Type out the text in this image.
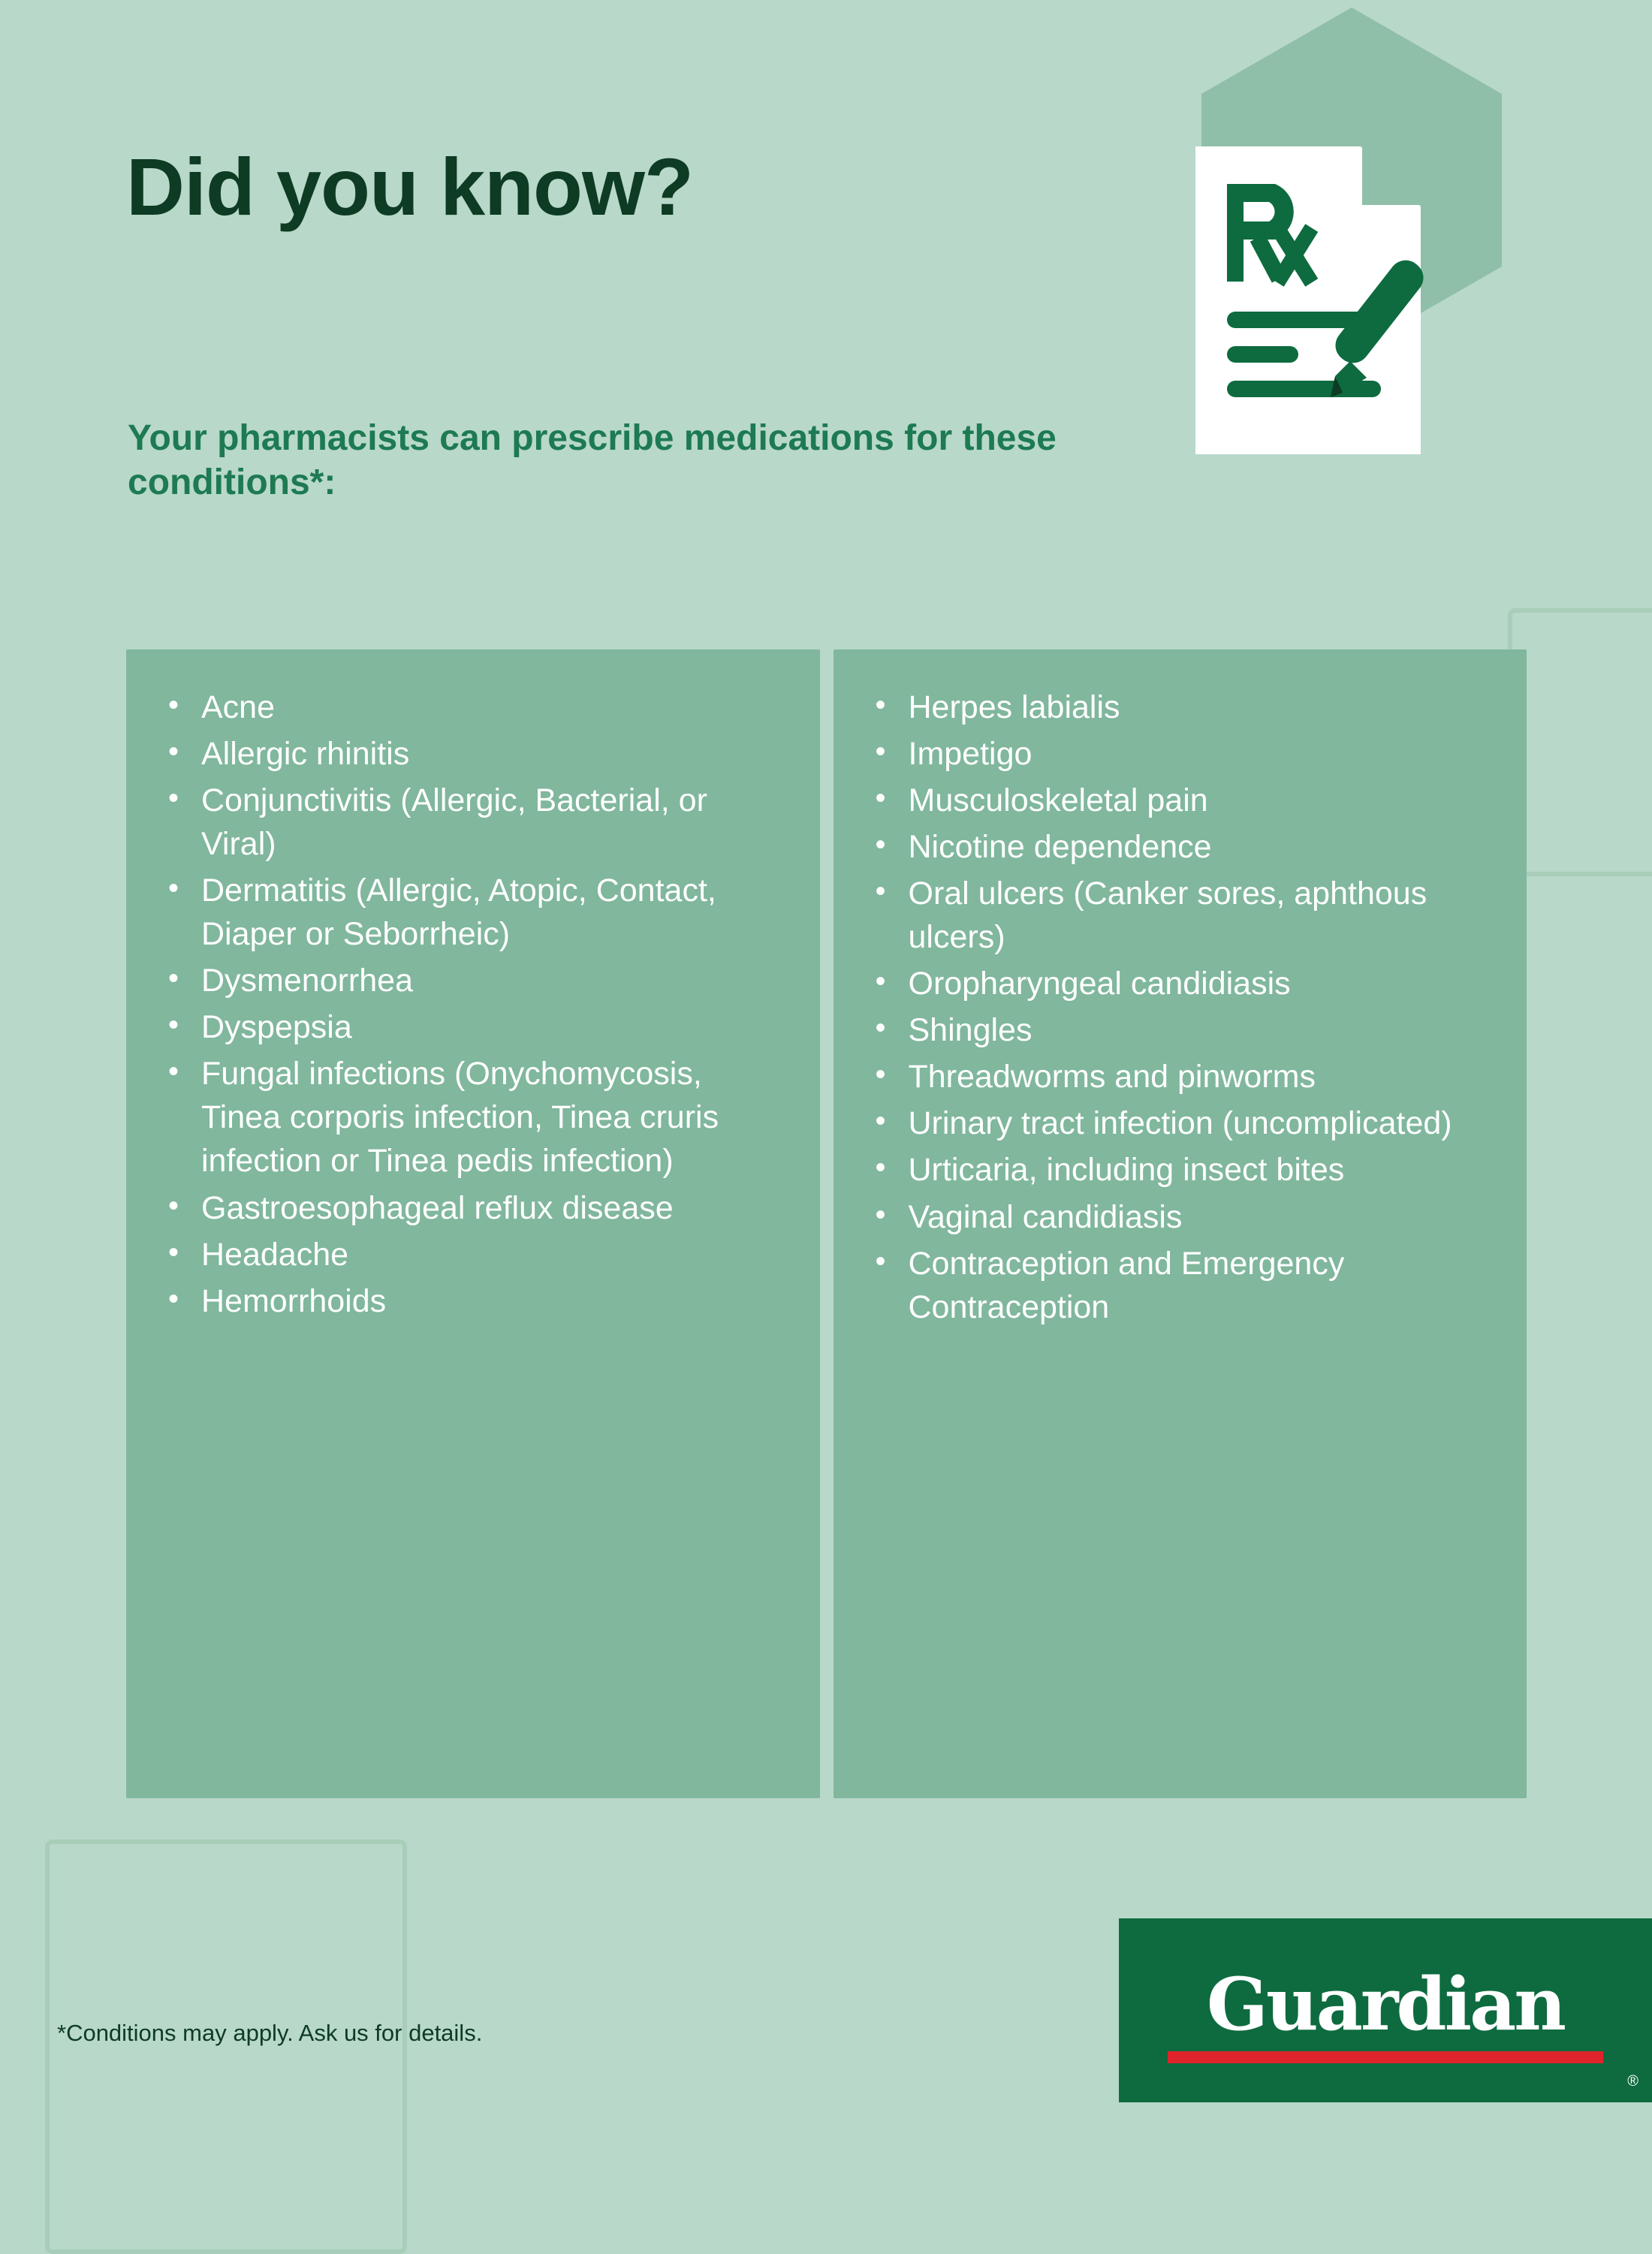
Did you know?
Your pharmacists can prescribe medications for these conditions*:
• Acne
• Allergic rhinitis
• Conjunctivitis (Allergic, Bacterial, or Viral)
• Dermatitis (Allergic, Atopic, Contact, Diaper or Seborrheic)
• Dysmenorrhea
• Dyspepsia
• Fungal infections (Onychomycosis, Tinea corporis infection, Tinea cruris infection or Tinea pedis infection)
• Gastroesophageal reflux disease
• Headache
• Hemorrhoids
• Herpes labialis
• Impetigo
• Musculoskeletal pain
• Nicotine dependence
• Oral ulcers (Canker sores, aphthous ulcers)
• Oropharyngeal candidiasis
• Shingles
• Threadworms and pinworms
• Urinary tract infection (uncomplicated)
• Urticaria, including insect bites
• Vaginal candidiasis
• Contraception and Emergency Contraception
*Conditions may apply. Ask us for details.	Guardian
®
